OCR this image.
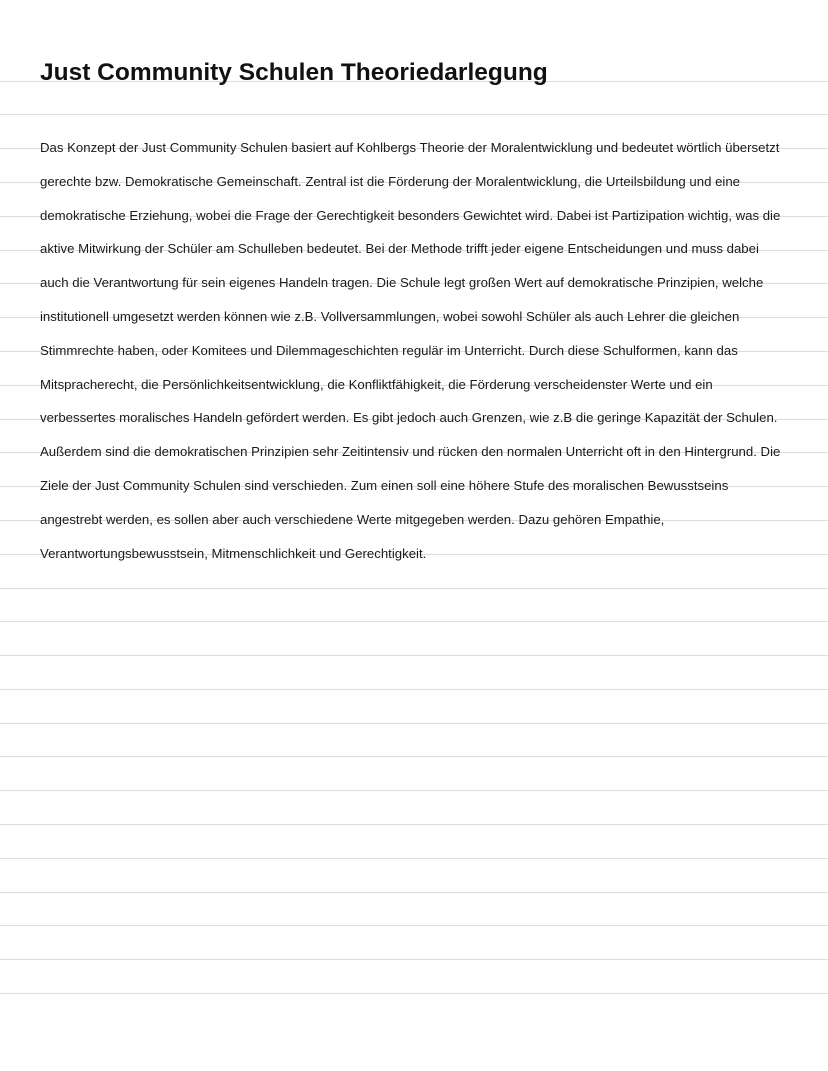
Just Community Schulen Theoriedarlegung
Das Konzept der Just Community Schulen basiert auf Kohlbergs Theorie der Moralentwicklung und bedeutet wörtlich übersetzt
gerechte bzw. Demokratische Gemeinschaft. Zentral ist die Förderung der Moralentwicklung, die Urteilsbildung und eine
demokratische Erziehung, wobei die Frage der Gerechtigkeit besonders Gewichtet wird. Dabei ist Partizipation wichtig, was die
aktive Mitwirkung der Schüler am Schulleben bedeutet. Bei der Methode trifft jeder eigene Entscheidungen und muss dabei
auch die Verantwortung für sein eigenes Handeln tragen. Die Schule legt großen Wert auf demokratische Prinzipien, welche
institutionell umgesetzt werden können wie z.B. Vollversammlungen, wobei sowohl Schüler als auch Lehrer die gleichen
Stimmrechte haben, oder Komitees und Dilemmageschichten regulär im Unterricht. Durch diese Schulformen, kann das
Mitspracherecht, die Persönlichkeitsentwicklung, die Konfliktfähigkeit, die Förderung verscheidenster Werte und ein
verbessertes moralisches Handeln gefördert werden. Es gibt jedoch auch Grenzen, wie z.B die geringe Kapazität der Schulen.
Außerdem sind die demokratischen Prinzipien sehr Zeitintensiv und rücken den normalen Unterricht oft in den Hintergrund. Die
Ziele der Just Community Schulen sind verschieden. Zum einen soll eine höhere Stufe des moralischen Bewusstseins
angestrebt werden, es sollen aber auch verschiedene Werte mitgegeben werden. Dazu gehören Empathie,
Verantwortungsbewusstsein, Mitmenschlichkeit und Gerechtigkeit.
